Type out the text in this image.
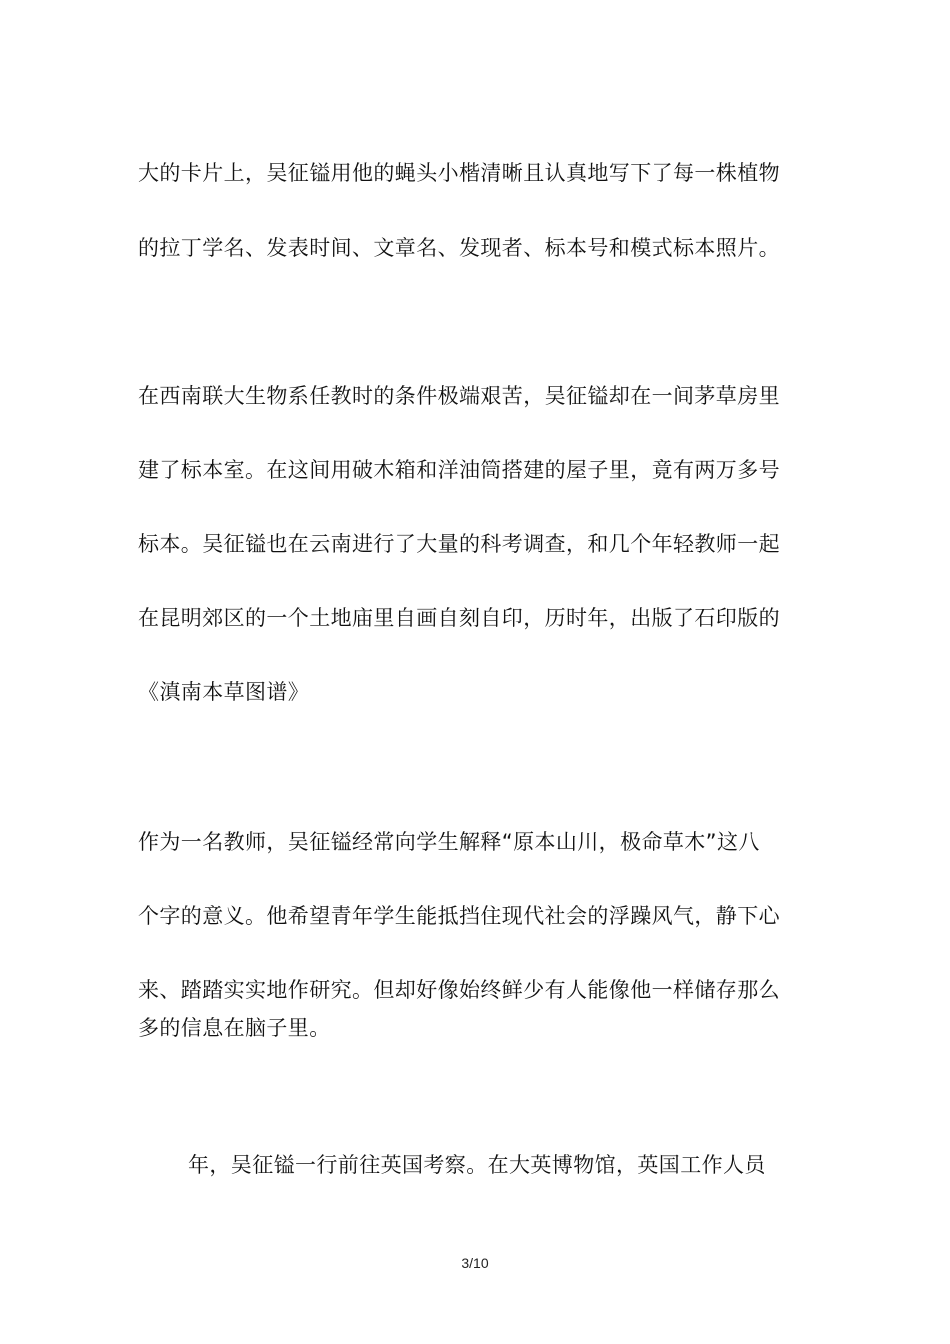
大的卡片上，吴征镒用他的蝇头小楷清晰且认真地写下了每一株植物
的拉丁学名、发表时间、文章名、发现者、标本号和模式标本照片。
在西南联大生物系任教时的条件极端艰苦，吴征镒却在一间茅草房里
建了标本室。在这间用破木箱和洋油筒搭建的屋子里，竟有两万多号
标本。吴征镒也在云南进行了大量的科考调查，和几个年轻教师一起
在昆明郊区的一个土地庙里自画自刻自印，历时年，出版了石印版的
《滇南本草图谱》
作为一名教师，吴征镒经常向学生解释“原本山川，极命草木”这八
个字的意义。他希望青年学生能抵挡住现代社会的浮躁风气，静下心
来、踏踏实实地作研究。但却好像始终鲜少有人能像他一样储存那么
多的信息在脑子里。
年，吴征镒一行前往英国考察。在大英博物馆，英国工作人员
3/10
